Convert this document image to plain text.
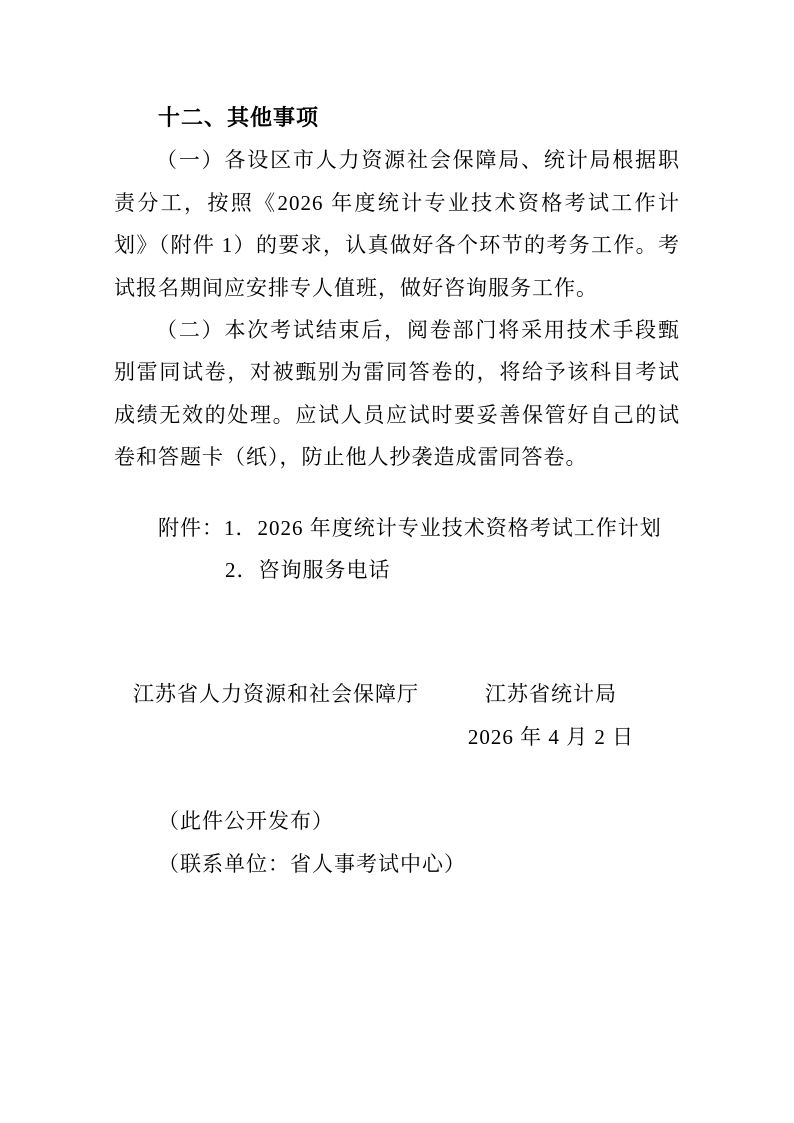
十二、其他事项

（一）各设区市人力资源社会保障局、统计局根据职责分工，按照《2026 年度统计专业技术资格考试工作计划》（附件 1）的要求，认真做好各个环节的考务工作。考试报名期间应安排专人值班，做好咨询服务工作。

（二）本次考试结束后，阅卷部门将采用技术手段甄别雷同试卷，对被甄别为雷同答卷的，将给予该科目考试成绩无效的处理。应试人员应试时要妥善保管好自己的试卷和答题卡（纸），防止他人抄袭造成雷同答卷。

附件：1．2026 年度统计专业技术资格考试工作计划
2．咨询服务电话
江苏省人力资源和社会保障厅	江苏省统计局
2026 年 4 月 2 日
（此件公开发布）
（联系单位：省人事考试中心）
